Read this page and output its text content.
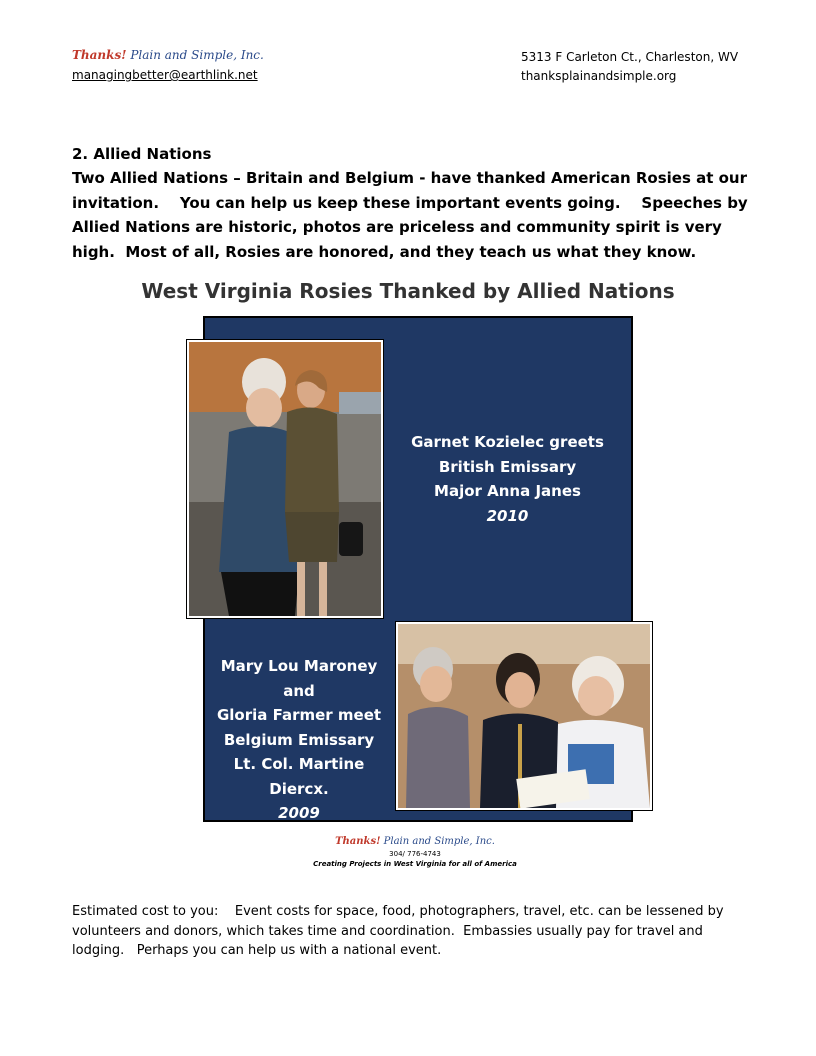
Thanks! Plain and Simple, Inc.
managingbetter@earthlink.net
5313 F Carleton Ct., Charleston, WV
thanksplainandsimple.org
2. Allied Nations
Two Allied Nations – Britain and Belgium - have thanked American Rosies at our invitation.    You can help us keep these important events going.    Speeches by Allied Nations are historic, photos are priceless and community spirit is very high.  Most of all, Rosies are honored, and they teach us what they know.
West Virginia Rosies Thanked by Allied Nations
Garnet Kozielec greets
British Emissary
Major Anna Janes
2010
Mary Lou Maroney and
Gloria Farmer meet
Belgium Emissary
Lt. Col. Martine Diercx.
2009
Thanks! Plain and Simple, Inc.
304/ 776-4743
Creating Projects in West Virginia for all of America
Estimated cost to you:    Event costs for space, food, photographers, travel, etc. can be lessened by volunteers and donors, which takes time and coordination.  Embassies usually pay for travel and lodging.   Perhaps you can help us with a national event.
